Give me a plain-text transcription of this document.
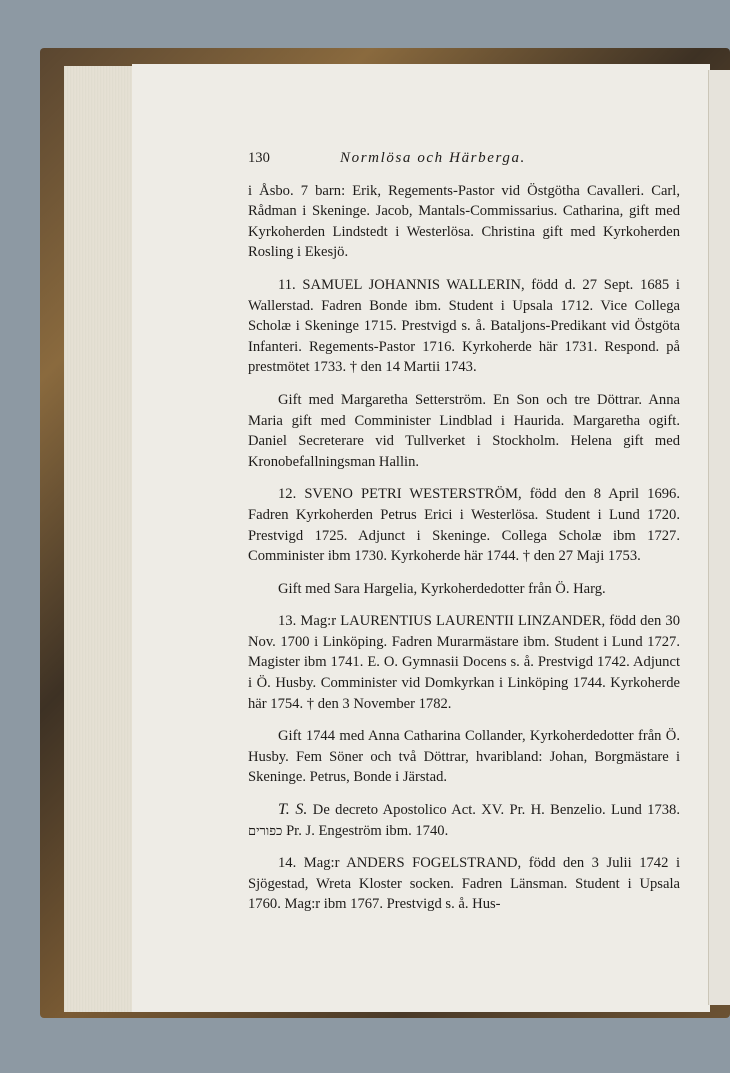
130	Normlösa och Härberga.

i Åsbo. 7 barn: Erik, Regements-Pastor vid Östgötha Cavalleri. Carl, Rådman i Skeninge. Jacob, Mantals-Commissarius. Catharina, gift med Kyrkoherden Lindstedt i Westerlösa. Christina gift med Kyrkoherden Rosling i Ekesjö.

11. SAMUEL JOHANNIS WALLERIN, född d. 27 Sept. 1685 i Wallerstad. Fadren Bonde ibm. Student i Upsala 1712. Vice Collega Scholæ i Skeninge 1715. Prestvigd s. å. Bataljons-Predikant vid Östgöta Infanteri. Regements-Pastor 1716. Kyrkoherde här 1731. Respond. på prestmötet 1733. † den 14 Martii 1743.

Gift med Margaretha Setterström. En Son och tre Döttrar. Anna Maria gift med Comminister Lindblad i Haurida. Margaretha ogift. Daniel Secreterare vid Tullverket i Stockholm. Helena gift med Kronobefallningsman Hallin.

12. SVENO PETRI WESTERSTRÖM, född den 8 April 1696. Fadren Kyrkoherden Petrus Erici i Westerlösa. Student i Lund 1720. Prestvigd 1725. Adjunct i Skeninge. Collega Scholæ ibm 1727. Comminister ibm 1730. Kyrkoherde här 1744. † den 27 Maji 1753.

Gift med Sara Hargelia, Kyrkoherdedotter från Ö. Harg.

13. Mag:r LAURENTIUS LAURENTII LINZANDER, född den 30 Nov. 1700 i Linköping. Fadren Murarmästare ibm. Student i Lund 1727. Magister ibm 1741. E. O. Gymnasii Docens s. å. Prestvigd 1742. Adjunct i Ö. Husby. Comminister vid Domkyrkan i Linköping 1744. Kyrkoherde här 1754. † den 3 November 1782.

Gift 1744 med Anna Catharina Collander, Kyrkoherdedotter från Ö. Husby. Fem Söner och två Döttrar, hvaribland: Johan, Borgmästare i Skeninge. Petrus, Bonde i Järstad.

T. S. De decreto Apostolico Act. XV. Pr. H. Benzelio. Lund 1738. כפורים Pr. J. Engeström ibm. 1740.

14. Mag:r ANDERS FOGELSTRAND, född den 3 Julii 1742 i Sjögestad, Wreta Kloster socken. Fadren Länsman. Student i Upsala 1760. Mag:r ibm 1767. Prestvigd s. å. Hus-
